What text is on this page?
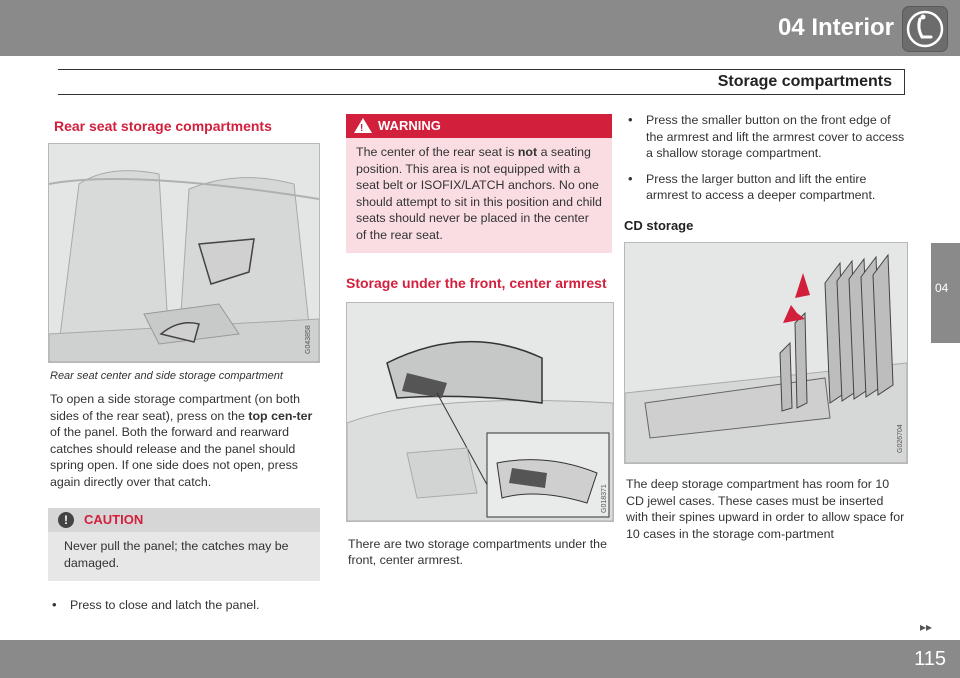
04 Interior
Storage compartments
04
Rear seat storage compartments
G043858
Rear seat center and side storage compartment

To open a side storage compartment (on both sides of the rear seat), press on the top cen-ter of the panel. Both the forward and rearward catches should release and the panel should spring open. If one side does not open, press again directly over that catch.

!	CAUTION
Never pull the panel; the catches may be damaged.
• Press to close and latch the panel.
! WARNING
The center of the rear seat is not a seating position. This area is not equipped with a seat belt or ISOFIX/LATCH anchors. No one should attempt to sit in this position and child seats should never be placed in the center of the rear seat.
Storage under the front, center armrest
G018371

There are two storage compartments under the front, center armrest.

• Press the smaller button on the front edge of the armrest and lift the armrest cover to access a shallow storage compartment.
• Press the larger button and lift the entire armrest to access a deeper compartment.
CD storage
G026704

The deep storage compartment has room for 10 CD jewel cases. These cases must be inserted with their spines upward in order to allow space for 10 cases in the storage com-partment

▸▸
115
